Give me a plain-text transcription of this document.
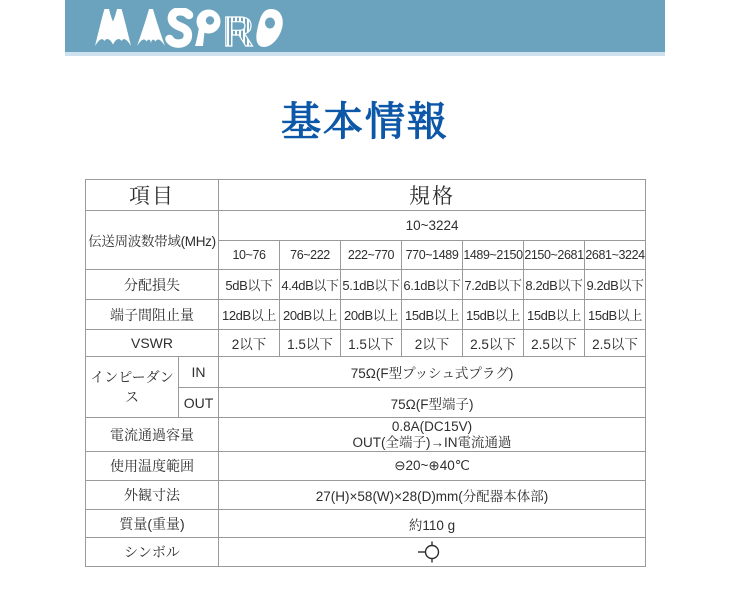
R
基本情報
項目		規格						
伝送周波数帯域(MHz)		10~3224						
		10~76	76~222	222~770	770~1489	1489~2150	2150~2681	2681~3224
分配損失		5dB以下	4.4dB以下	5.1dB以下	6.1dB以下	7.2dB以下	8.2dB以下	9.2dB以下
端子間阻止量		12dB以上	20dB以上	20dB以上	15dB以上	15dB以上	15dB以上	15dB以上
VSWR		2以下	1.5以下	1.5以下	2以下	2.5以下	2.5以下	2.5以下
インピーダンス	IN	75Ω(F型プッシュ式プラグ)						
	OUT	75Ω(F型端子)						
電流通過容量		0.8A(DC15V)
OUT(全端子)→IN電流通過						

使用温度範囲		⊖20~⊕40℃						
外観寸法		27(H)×58(W)×28(D)mm(分配器本体部)						
質量(重量)		約110 g						
シンボル	
